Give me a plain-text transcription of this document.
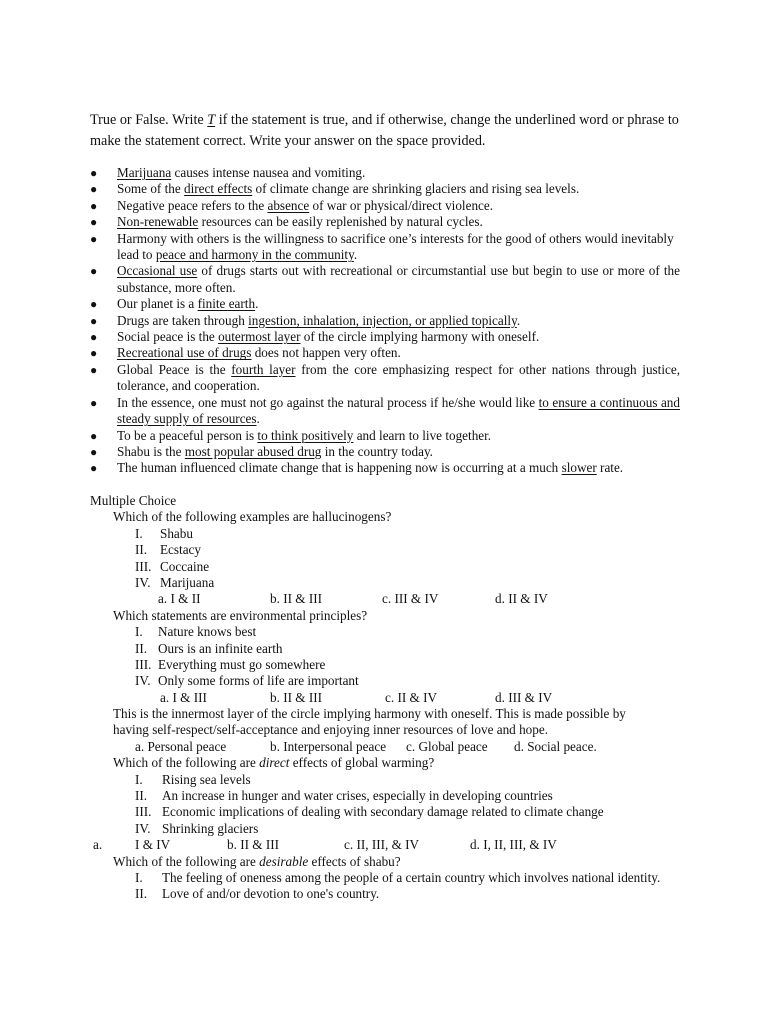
True or False. Write T if the statement is true, and if otherwise, change the underlined word or phrase to make the statement correct. Write your answer on the space provided.
● Marijuana causes intense nausea and vomiting.
● Some of the direct effects of climate change are shrinking glaciers and rising sea levels.
● Negative peace refers to the absence of war or physical/direct violence.
● Non-renewable resources can be easily replenished by natural cycles.
● Harmony with others is the willingness to sacrifice one’s interests for the good of others would inevitably lead to peace and harmony in the community.
● Occasional use of drugs starts out with recreational or circumstantial use but begin to use or more of the substance, more often.
● Our planet is a finite earth.
● Drugs are taken through ingestion, inhalation, injection, or applied topically.
● Social peace is the outermost layer of the circle implying harmony with oneself.
● Recreational use of drugs does not happen very often.
● Global Peace is the fourth layer from the core emphasizing respect for other nations through justice, tolerance, and cooperation.
● In the essence, one must not go against the natural process if he/she would like to ensure a continuous and steady supply of resources.
● To be a peaceful person is to think positively and learn to live together.
● Shabu is the most popular abused drug in the country today.
● The human influenced climate change that is happening now is occurring at a much slower rate.
Multiple Choice
Which of the following examples are hallucinogens?
I. Shabu
II. Ecstacy
III. Coccaine
IV. Marijuana
a. I & II	b. II & III	c. III & IV	d. II & IV
Which statements are environmental principles?
I. Nature knows best
II. Ours is an infinite earth
III. Everything must go somewhere
IV. Only some forms of life are important
a. I & III	b. II & III	c. II & IV	d. III & IV
This is the innermost layer of the circle implying harmony with oneself. This is made possible by having self-respect/self-acceptance and enjoying inner resources of love and hope.
a. Personal peace	b. Interpersonal peace c. Global peace d. Social peace.
Which of the following are direct effects of global warming?
I. Rising sea levels
II. An increase in hunger and water crises, especially in developing countries
III. Economic implications of dealing with secondary damage related to climate change
IV. Shrinking glaciers
a. I & IV	b. II & III	c. II, III, & IV	d. I, II, III, & IV
Which of the following are desirable effects of shabu?
I. The feeling of oneness among the people of a certain country which involves national identity.
II. Love of and/or devotion to one's country.
